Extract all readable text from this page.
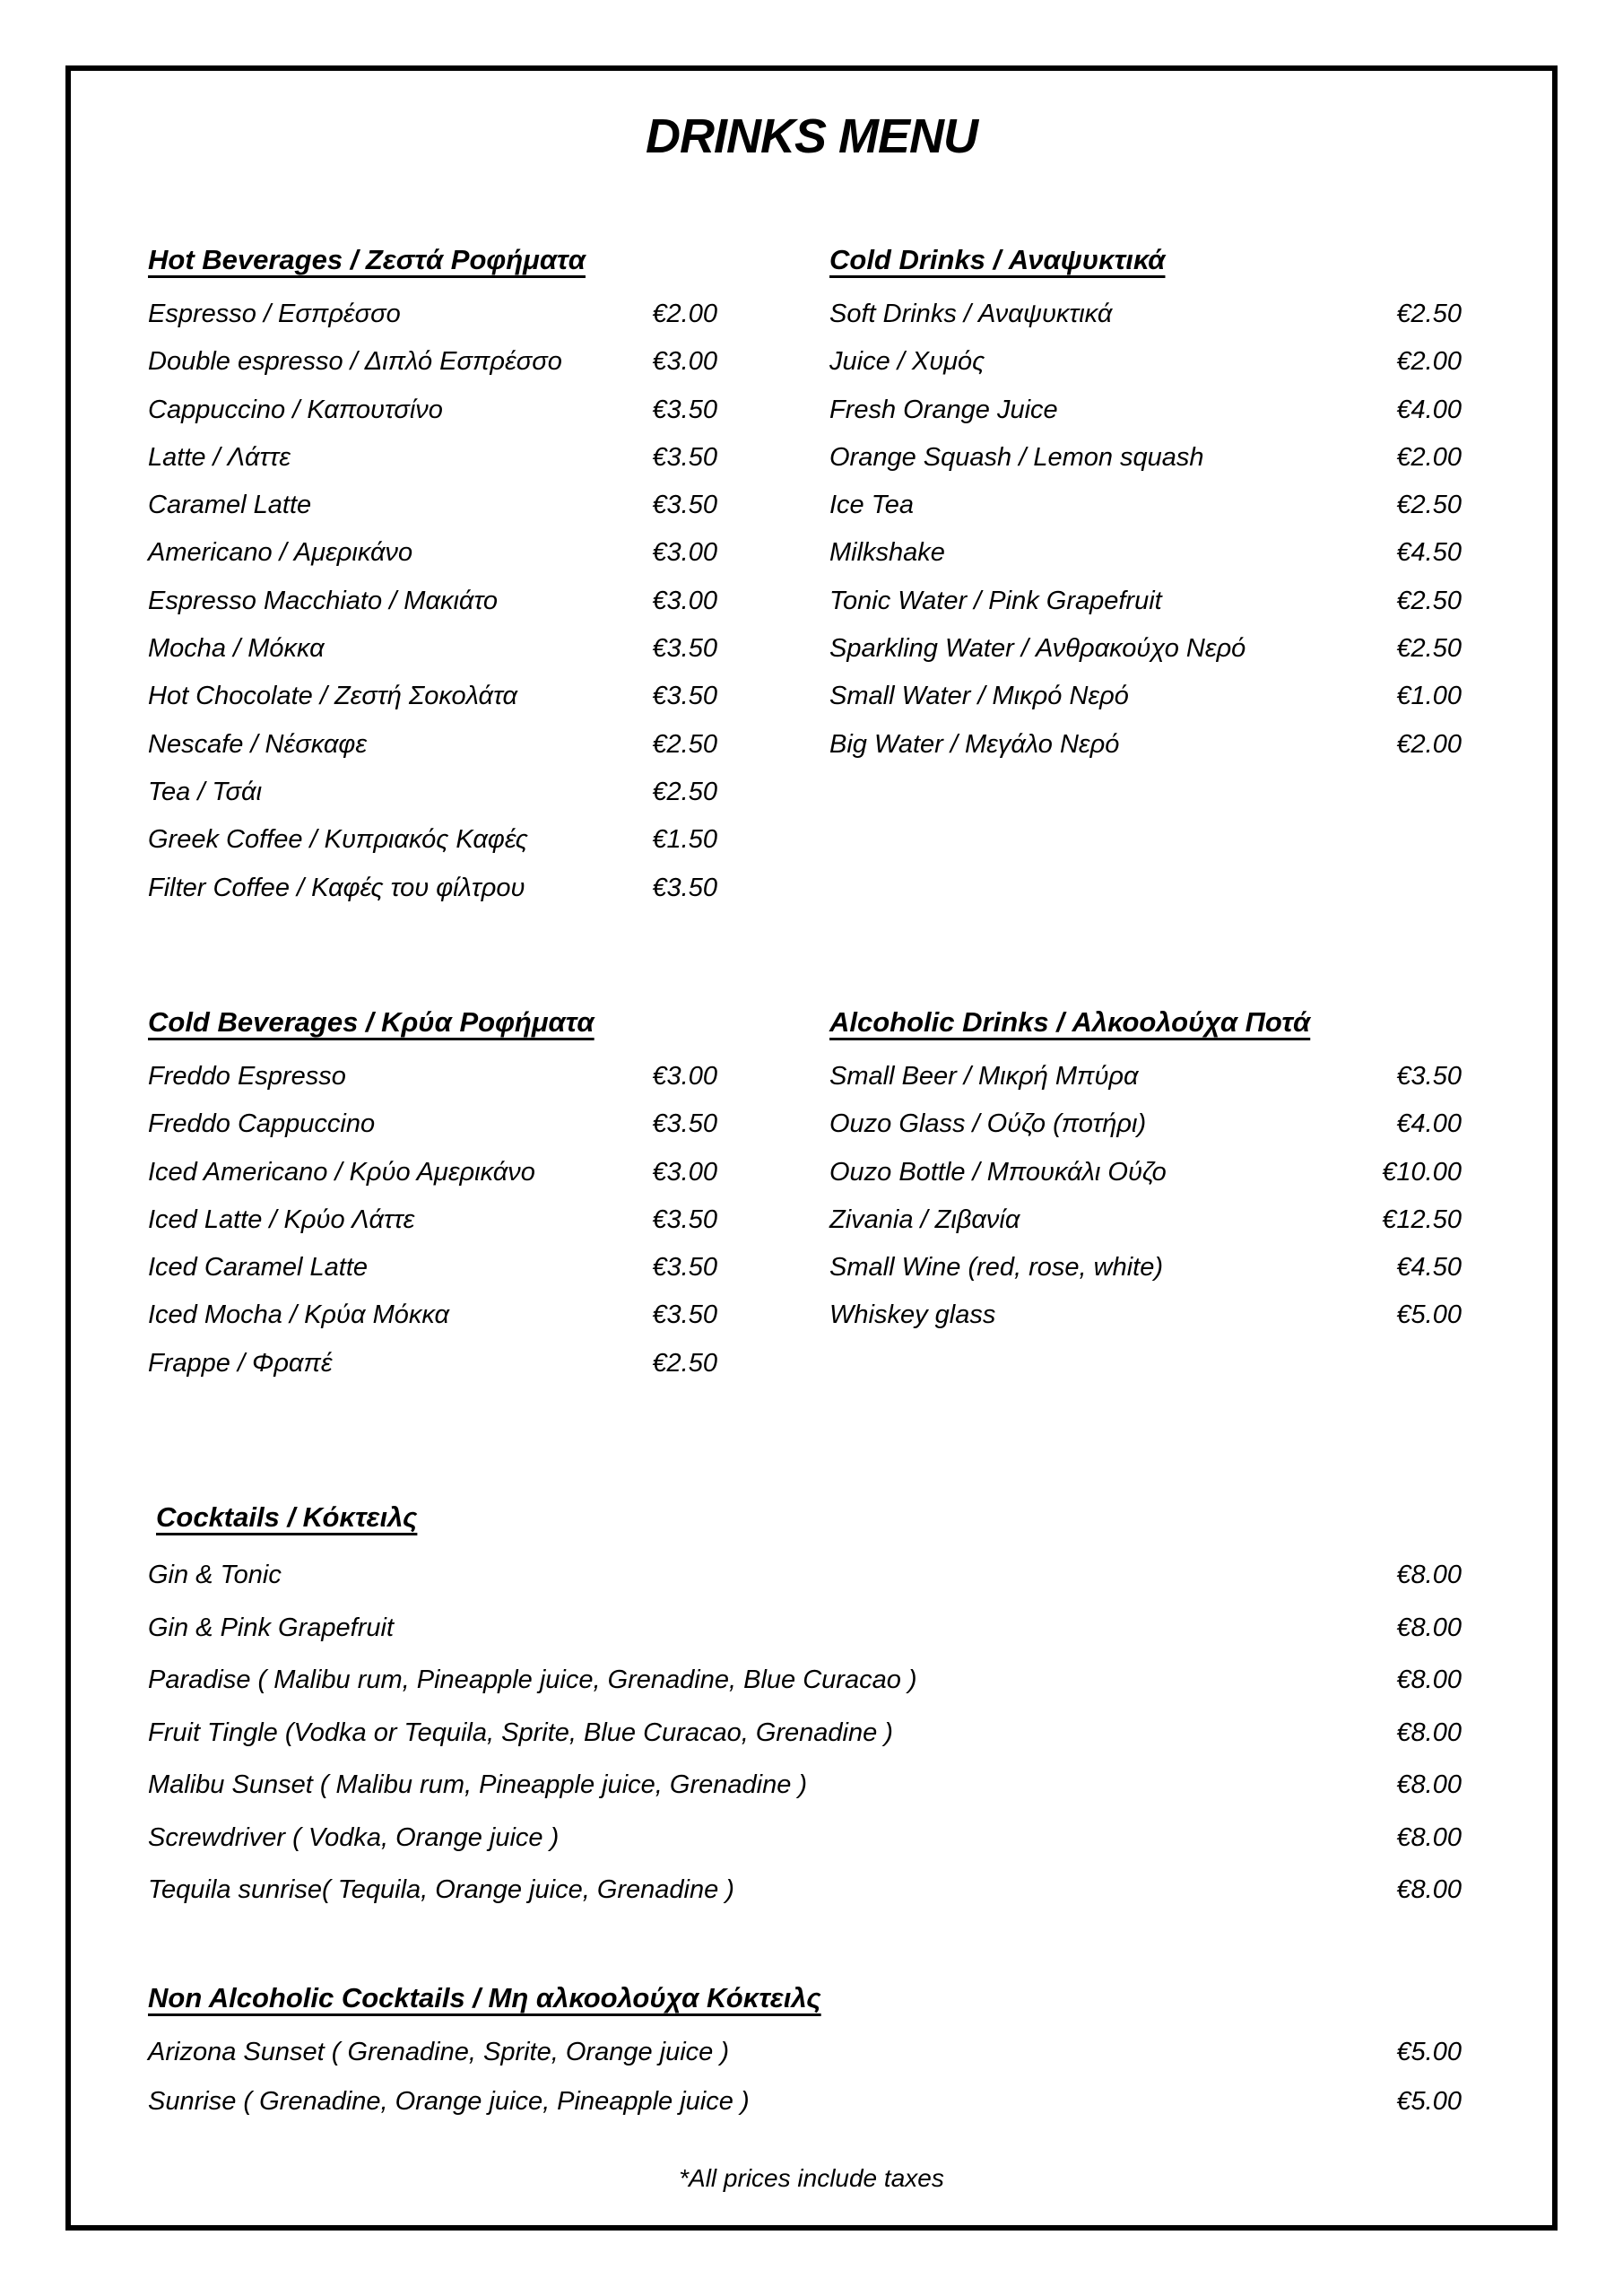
DRINKS MENU
Hot Beverages / Ζεστά Ροφήματα
Espresso / Εσπρέσσο	€2.00
Double espresso / Διπλό Εσπρέσσο	€3.00
Cappuccino / Καπουτσίνο	€3.50
Latte / Λάττε	€3.50
Caramel Latte	€3.50
Americano / Αμερικάνο	€3.00
Espresso Macchiato / Μακιάτο	€3.00
Mocha / Μόκκα	€3.50
Hot Chocolate / Ζεστή Σοκολάτα	€3.50
Nescafe / Νέσκαφε	€2.50
Tea / Τσάι	€2.50
Greek Coffee / Κυπριακός Καφές	€1.50
Filter Coffee / Καφές του φίλτρου	€3.50
Cold Drinks / Αναψυκτικά
Soft Drinks / Αναψυκτικά	€2.50
Juice / Χυμός	€2.00
Fresh Orange Juice	€4.00
Orange Squash / Lemon squash	€2.00
Ice Tea	€2.50
Milkshake	€4.50
Tonic Water / Pink Grapefruit	€2.50
Sparkling Water / Ανθρακούχο Νερό	€2.50
Small Water / Μικρό Νερό	€1.00
Big Water / Μεγάλο Νερό	€2.00
Cold Beverages / Κρύα Ροφήματα
Freddo Espresso	€3.00
Freddo Cappuccino	€3.50
Iced Americano / Κρύο Αμερικάνο	€3.00
Iced Latte / Κρύο Λάττε	€3.50
Iced Caramel Latte	€3.50
Iced Mocha / Κρύα Μόκκα	€3.50
Frappe / Φραπέ	€2.50
Alcoholic Drinks / Αλκοολούχα Ποτά
Small Beer / Μικρή Μπύρα	€3.50
Ouzo Glass / Ούζο (ποτήρι)	€4.00
Ouzo Bottle / Μπουκάλι Ούζο	€10.00
Zivania / Ζιβανία	€12.50
Small Wine (red, rose, white)	€4.50
Whiskey glass	€5.00
Cocktails / Κόκτειλς
Gin & Tonic	€8.00
Gin & Pink Grapefruit	€8.00
Paradise ( Malibu rum, Pineapple juice, Grenadine, Blue Curacao )	€8.00
Fruit Tingle (Vodka or Tequila, Sprite, Blue Curacao, Grenadine )	€8.00
Malibu Sunset ( Malibu rum, Pineapple juice, Grenadine )	€8.00
Screwdriver ( Vodka, Orange juice )	€8.00
Tequila sunrise( Tequila, Orange juice, Grenadine )	€8.00
Non Alcoholic Cocktails / Μη αλκοολούχα Κόκτειλς
Arizona Sunset ( Grenadine, Sprite, Orange juice )	€5.00
Sunrise ( Grenadine, Orange juice, Pineapple juice )	€5.00
*All prices include taxes
